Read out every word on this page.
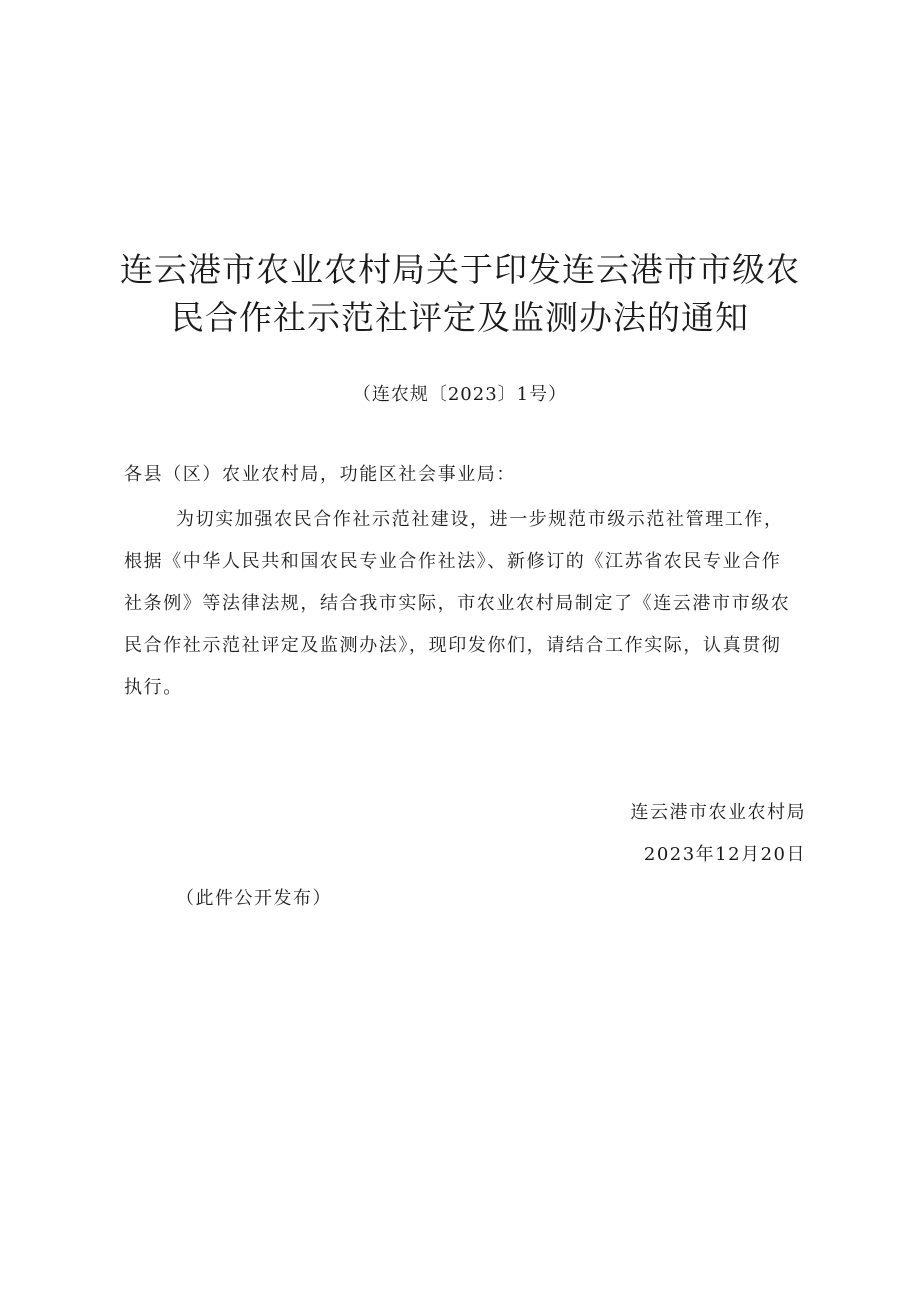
连云港市农业农村局关于印发连云港市市级农
民合作社示范社评定及监测办法的通知
（连农规〔2023〕1号）
各县（区）农业农村局，功能区社会事业局：
为切实加强农民合作社示范社建设，进一步规范市级示范社管理工作，
根据《中华人民共和国农民专业合作社法》、新修订的《江苏省农民专业合作
社条例》等法律法规，结合我市实际，市农业农村局制定了《连云港市市级农
民合作社示范社评定及监测办法》，现印发你们，请结合工作实际，认真贯彻
执行。
连云港市农业农村局
2023年12月20日
（此件公开发布）
